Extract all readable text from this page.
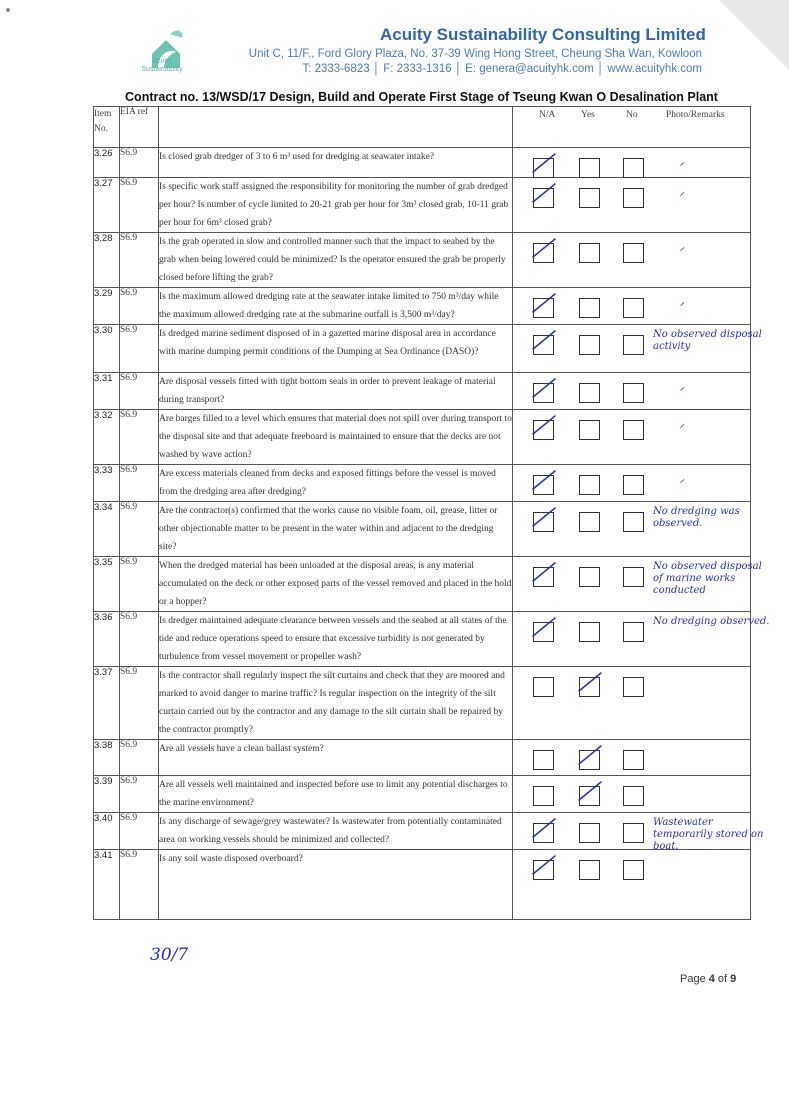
Acuity Sustainability
Acuity Sustainability Consulting Limited
Unit C, 11/F., Ford Glory Plaza, No. 37-39 Wing Hong Street, Cheung Sha Wan, Kowloon
T: 2333-6823 │ F: 2333-1316 │ E: genera@acuityhk.com │ www.acuityhk.com
Contract no. 13/WSD/17 Design, Build and Operate First Stage of Tseung Kwan O Desalination Plant
Item No.	EIA ref		N/A Yes No Photo/Remarks

3.26	S6.9	Is closed grab dredger of 3 to 6 m³ used for dredging at seawater intake?	ᐟ

3.27	S6.9	Is specific work staff assigned the responsibility for monitoring the number of grab dredged per hour? Is number of cycle limited to 20-21 grab per hour for 3m³ closed grab, 10-11 grab per hour for 6m³ closed grab?	ᐟ

3.28	S6.9	Is the grab operated in slow and controlled manner such that the impact to seabed by the grab when being lowered could be minimized? Is the operator ensured the grab be properly closed before lifting the grab?	ᐟ

3.29	S6.9	Is the maximum allowed dredging rate at the seawater intake limited to 750 m³/day while the maximum allowed dredging rate at the submarine outfall is 3,500 m³/day?	ᐟ

3.30	S6.9	Is dredged marine sediment disposed of in a gazetted marine disposal area in accordance with marine dumping permit conditions of the Dumping at Sea Ordinance (DASO)?	No observed disposal activity

3.31	S6.9	Are disposal vessels fitted with tight bottom seals in order to prevent leakage of material during transport?	ᐟ

3.32	S6.9	Are barges filled to a level which ensures that material does not spill over during transport to the disposal site and that adequate freeboard is maintained to ensure that the decks are not washed by wave action?	ᐟ

3.33	S6.9	Are excess materials cleaned from decks and exposed fittings before the vessel is moved from the dredging area after dredging?	ᐟ

3.34	S6.9	Are the contractor(s) confirmed that the works cause no visible foam, oil, grease, litter or other objectionable matter to be present in the water within and adjacent to the dredging site?	No dredging was observed.

3.35	S6.9	When the dredged material has been unloaded at the disposal areas, is any material accumulated on the deck or other exposed parts of the vessel removed and placed in the hold or a hopper?	No observed disposal of marine works conducted

3.36	S6.9	Is dredger maintained adequate clearance between vessels and the seabed at all states of the tide and reduce operations speed to ensure that excessive turbidity is not generated by turbulence from vessel movement or propeller wash?	No dredging observed.

3.37	S6.9	Is the contractor shall regularly inspect the silt curtains and check that they are moored and marked to avoid danger to marine traffic? Is regular inspection on the integrity of the silt curtain carried out by the contractor and any damage to the silt curtain shall be repaired by the contractor promptly?	

3.38	S6.9	Are all vessels have a clean ballast system?	

3.39	S6.9	Are all vessels well maintained and inspected before use to limit any potential discharges to the marine environment?	

3.40	S6.9	Is any discharge of sewage/grey wastewater? Is wastewater from potentially contaminated area on working vessels should be minimized and collected?	Wastewater temporarily stored on boat.

3.41	S6.9	Is any soil waste disposed overboard?	
30/7
Page 4 of 9
